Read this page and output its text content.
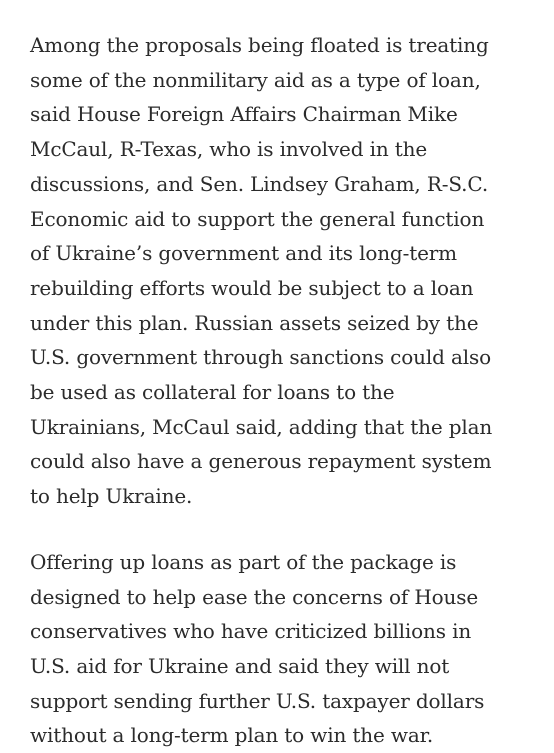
Among the proposals being floated is treating
some of the nonmilitary aid as a type of loan,
said House Foreign Affairs Chairman Mike
McCaul, R-Texas, who is involved in the
discussions, and Sen. Lindsey Graham, R-S.C.
Economic aid to support the general function
of Ukraine’s government and its long-term
rebuilding efforts would be subject to a loan
under this plan. Russian assets seized by the
U.S. government through sanctions could also
be used as collateral for loans to the
Ukrainians, McCaul said, adding that the plan
could also have a generous repayment system
to help Ukraine.

Offering up loans as part of the package is
designed to help ease the concerns of House
conservatives who have criticized billions in
U.S. aid for Ukraine and said they will not
support sending further U.S. taxpayer dollars
without a long-term plan to win the war.
